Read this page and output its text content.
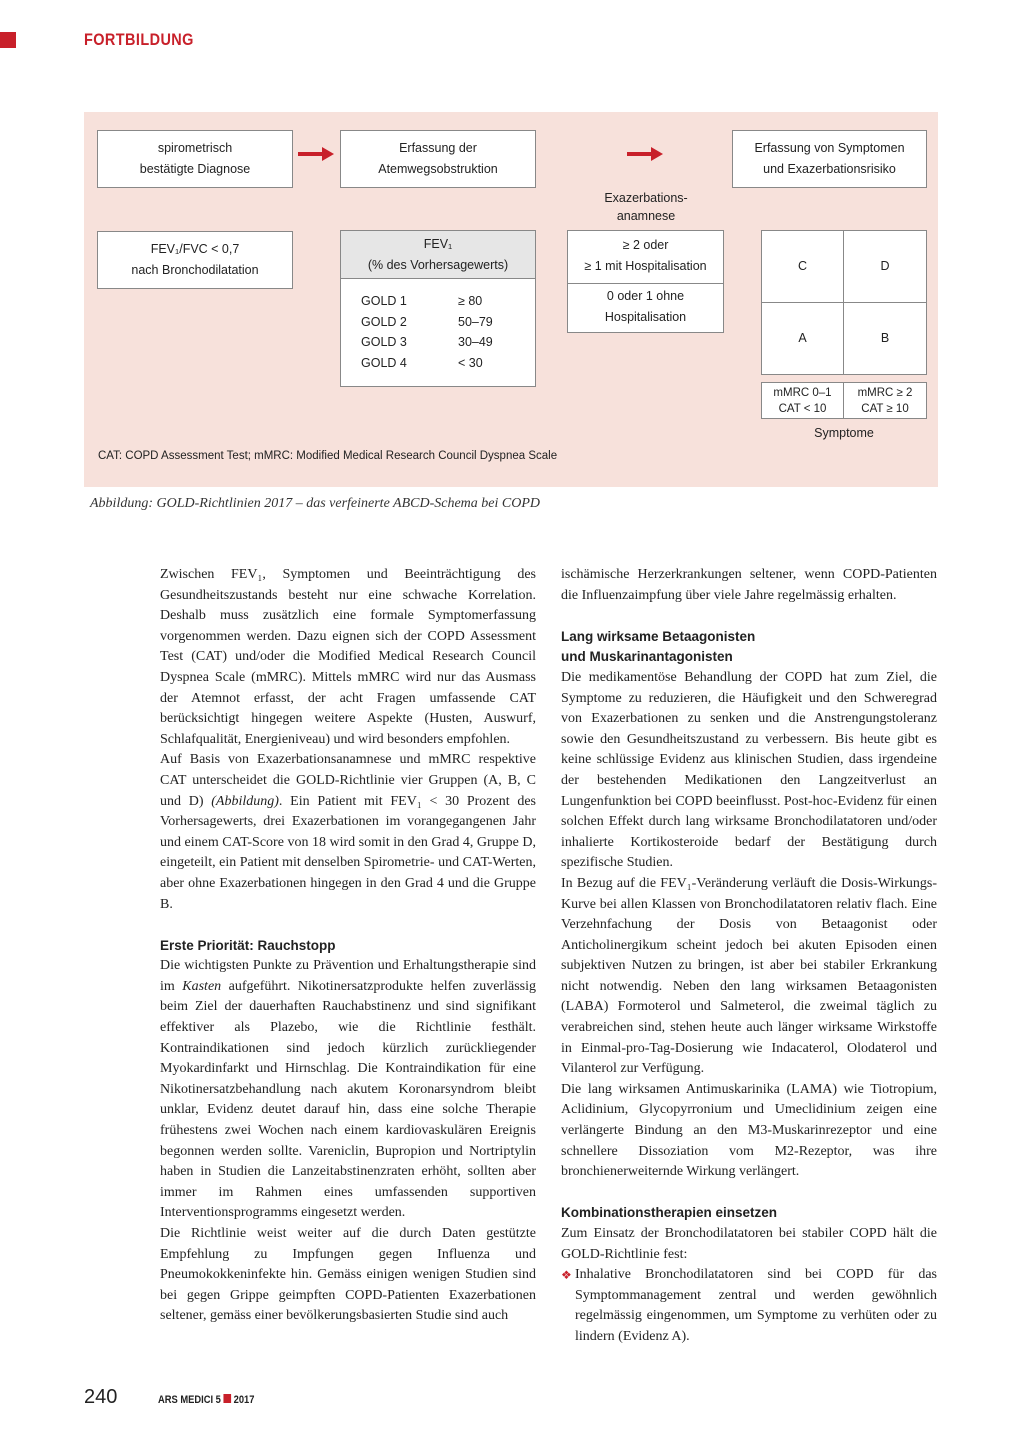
FORTBILDUNG
spirometrisch
bestätigte Diagnose
Erfassung der
Atemwegsobstruktion
Erfassung von Symptomen
und Exazerbationsrisiko
Exazerbations-
anamnese
FEV₁/FVC < 0,7
nach Bronchodilatation
FEV₁
(% des Vorhersagewerts)
GOLD 1	≥ 80
GOLD 2	50–79
GOLD 3	30–49
GOLD 4	< 30
≥ 2 oder
≥ 1 mit Hospitalisation
0 oder 1 ohne
Hospitalisation
C	D
A	B
mMRC 0–1
CAT < 10
mMRC ≥ 2
CAT ≥ 10
Symptome
CAT: COPD Assessment Test; mMRC: Modified Medical Research Council Dyspnea Scale
Abbildung: GOLD-Richtlinien 2017 – das verfeinerte ABCD-Schema bei COPD

Zwischen FEV₁, Symptomen und Beeinträchtigung des Gesundheitszustands besteht nur eine schwache Korrelation. Deshalb muss zusätzlich eine formale Symptomerfassung vorgenommen werden. Dazu eignen sich der COPD Assessment Test (CAT) und/oder die Modified Medical Research Council Dyspnea Scale (mMRC). Mittels mMRC wird nur das Ausmass der Atemnot erfasst, der acht Fragen umfassende CAT berücksichtigt hingegen weitere Aspekte (Husten, Auswurf, Schlafqualität, Energieniveau) und wird besonders empfohlen.

Auf Basis von Exazerbationsanamnese und mMRC respektive CAT unterscheidet die GOLD-Richtlinie vier Gruppen (A, B, C und D) (Abbildung). Ein Patient mit FEV₁ < 30 Prozent des Vorhersagewerts, drei Exazerbationen im vorangegangenen Jahr und einem CAT-Score von 18 wird somit in den Grad 4, Gruppe D, eingeteilt, ein Patient mit denselben Spirometrie- und CAT-Werten, aber ohne Exazerbationen hingegen in den Grad 4 und die Gruppe B.

Erste Priorität: Rauchstopp

Die wichtigsten Punkte zu Prävention und Erhaltungstherapie sind im Kasten aufgeführt. Nikotinersatzprodukte helfen zuverlässig beim Ziel der dauerhaften Rauchabstinenz und sind signifikant effektiver als Plazebo, wie die Richtlinie festhält. Kontraindikationen sind jedoch kürzlich zurückliegender Myokardinfarkt und Hirnschlag. Die Kontraindikation für eine Nikotinersatzbehandlung nach akutem Koronarsyndrom bleibt unklar, Evidenz deutet darauf hin, dass eine solche Therapie frühestens zwei Wochen nach einem kardiovaskulären Ereignis begonnen werden sollte. Vareniclin, Bupropion und Nortriptylin haben in Studien die Lanzeitabstinenzraten erhöht, sollten aber immer im Rahmen eines umfassenden supportiven Interventionsprogramms eingesetzt werden.

Die Richtlinie weist weiter auf die durch Daten gestützte Empfehlung zu Impfungen gegen Influenza und Pneumokokkeninfekte hin. Gemäss einigen wenigen Studien sind bei gegen Grippe geimpften COPD-Patienten Exazerbationen seltener, gemäss einer bevölkerungsbasierten Studie sind auch

ischämische Herzerkrankungen seltener, wenn COPD-Patienten die Influenzaimpfung über viele Jahre regelmässig erhalten.

Lang wirksame Betaagonisten
und Muskarinantagonisten

Die medikamentöse Behandlung der COPD hat zum Ziel, die Symptome zu reduzieren, die Häufigkeit und den Schweregrad von Exazerbationen zu senken und die Anstrengungstoleranz sowie den Gesundheitszustand zu verbessern. Bis heute gibt es keine schlüssige Evidenz aus klinischen Studien, dass irgendeine der bestehenden Medikationen den Langzeitverlust an Lungenfunktion bei COPD beeinflusst. Post-hoc-Evidenz für einen solchen Effekt durch lang wirksame Bronchodilatatoren und/oder inhalierte Kortikosteroide bedarf der Bestätigung durch spezifische Studien.

In Bezug auf die FEV₁-Veränderung verläuft die Dosis-Wirkungs-Kurve bei allen Klassen von Bronchodilatatoren relativ flach. Eine Verzehnfachung der Dosis von Betaagonist oder Anticholinergikum scheint jedoch bei akuten Episoden einen subjektiven Nutzen zu bringen, ist aber bei stabiler Erkrankung nicht notwendig. Neben den lang wirksamen Betaagonisten (LABA) Formoterol und Salmeterol, die zweimal täglich zu verabreichen sind, stehen heute auch länger wirksame Wirkstoffe in Einmal-pro-Tag-Dosierung wie Indacaterol, Olodaterol und Vilanterol zur Verfügung.

Die lang wirksamen Antimuskarinika (LAMA) wie Tiotropium, Aclidinium, Glycopyrronium und Umeclidinium zeigen eine verlängerte Bindung an den M3-Muskarinrezeptor und eine schnellere Dissoziation vom M2-Rezeptor, was ihre bronchienerweiternde Wirkung verlängert.

Kombinationstherapien einsetzen

Zum Einsatz der Bronchodilatatoren bei stabiler COPD hält die GOLD-Richtlinie fest:

❖ Inhalative Bronchodilatatoren sind bei COPD für das Symptommanagement zentral und werden gewöhnlich regelmässig eingenommen, um Symptome zu verhüten oder zu lindern (Evidenz A).

240	ARS MEDICI 5 2017
